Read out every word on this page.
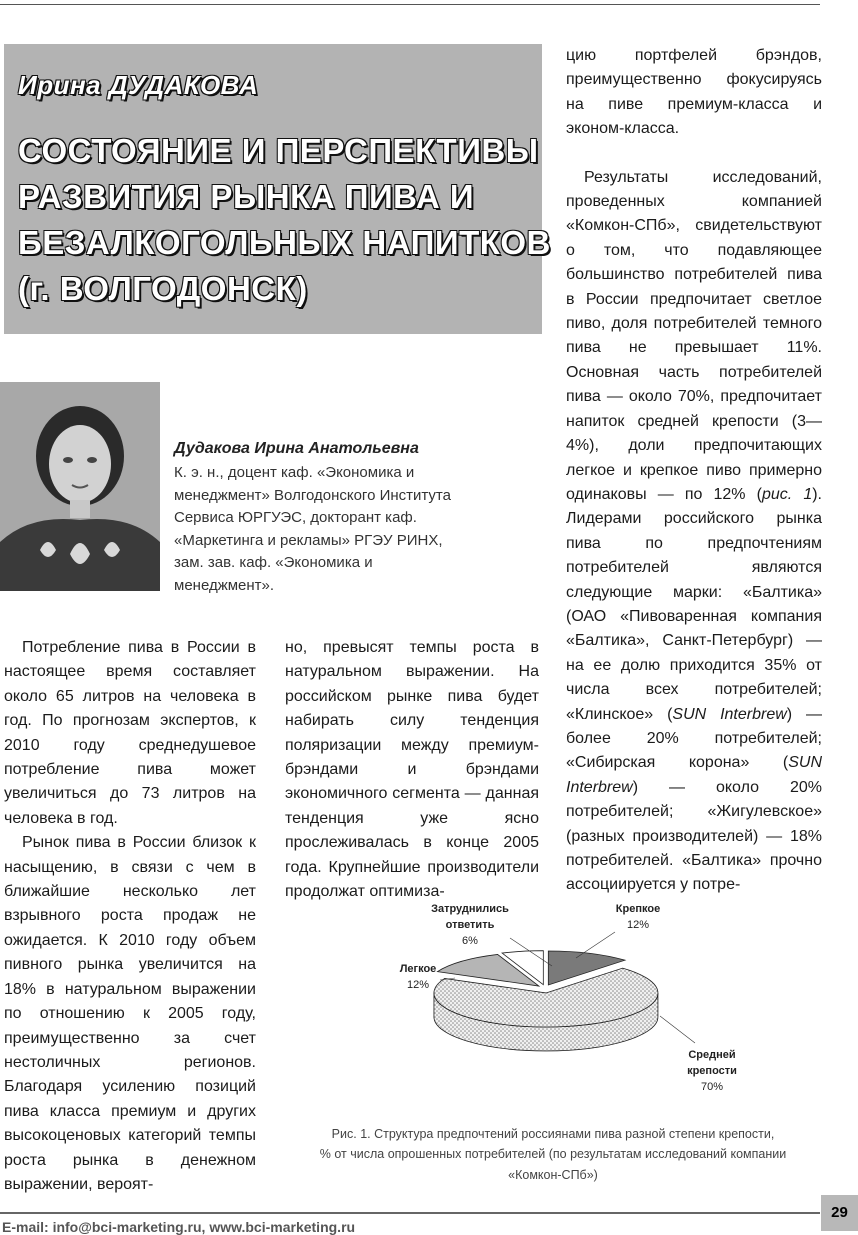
Ирина ДУДАКОВА
СОСТОЯНИЕ И ПЕРСПЕКТИВЫ
РАЗВИТИЯ РЫНКА ПИВА И
БЕЗАЛКОГОЛЬНЫХ НАПИТКОВ
(г. ВОЛГОДОНСК)
Дудакова Ирина Анатольевна
К. э. н., доцент каф. «Экономика и
менеджмент» Волгодонского Института
Сервиса ЮРГУЭС, докторант каф.
«Маркетинга и рекламы» РГЭУ РИНХ,
зам. зав. каф. «Экономика и
менеджмент».

Потребление пива в России в настоящее время составляет около 65 литров на человека в год. По прогнозам экспертов, к 2010 году среднедушевое потребление пива может увеличиться до 73 литров на человека в год.

Рынок пива в России близок к насыщению, в связи с чем в ближайшие несколько лет взрывного роста продаж не ожидается. К 2010 году объем пивного рынка увеличится на 18% в натуральном выражении по отношению к 2005 году, преимущественно за счет нестоличных регионов. Благодаря усилению позиций пива класса премиум и других высокоценовых категорий темпы роста рынка в денежном выражении, вероят-

но, превысят темпы роста в натуральном выражении. На российском рынке пива будет набирать силу тенденция поляризации между премиум-брэндами и брэндами экономичного сегмента — данная тенденция уже ясно прослеживалась в конце 2005 года. Крупнейшие производители продолжат оптимиза-

цию портфелей брэндов, преимущественно фокусируясь на пиве премиум-класса и эконом-класса.

Результаты исследований, проведенных компанией «Комкон-СПб», свидетельствуют о том, что подавляющее большинство потребителей пива в России предпочитает светлое пиво, доля потребителей темного пива не превышает 11%. Основная часть потребителей пива — около 70%, предпочитает напиток средней крепости (3—4%), доли предпочитающих легкое и крепкое пиво примерно одинаковы — по 12% (рис. 1). Лидерами российского рынка пива по предпочтениям потребителей являются следующие марки: «Балтика» (ОАО «Пивоваренная компания «Балтика», Санкт-Петербург) — на ее долю приходится 35% от числа всех потребителей; «Клинское» (SUN Interbrew) — более 20% потребителей; «Сибирская корона» (SUN Interbrew) — около 20% потребителей; «Жигулевское» (разных производителей) — 18% потребителей. «Балтика» прочно ассоциируется у потре-

Крепкое
12%
Средней
крепости
70%
Легкое
12%
Затруднились
ответить
6%
Рис. 1. Структура предпочтений россиянами пива разной степени крепости,
% от числа опрошенных потребителей (по результатам исследований компании
«Комкон-СПб»)
E-mail: info@bci-marketing.ru, www.bci-marketing.ru
29
